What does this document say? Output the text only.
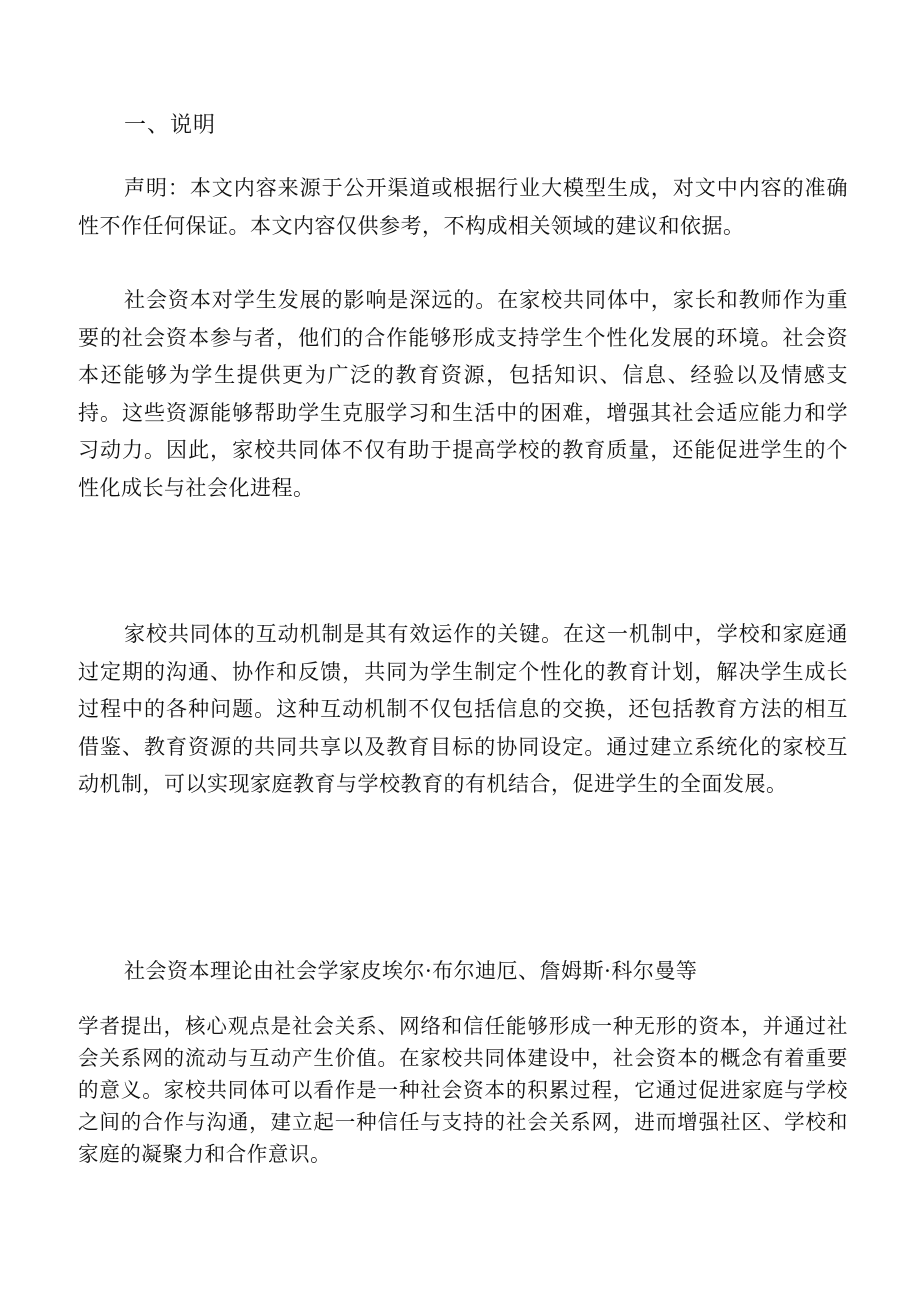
一、说明

声明：本文内容来源于公开渠道或根据行业大模型生成，对文中内容的准确性不作任何保证。本文内容仅供参考，不构成相关领域的建议和依据。

社会资本对学生发展的影响是深远的。在家校共同体中，家长和教师作为重要的社会资本参与者，他们的合作能够形成支持学生个性化发展的环境。社会资本还能够为学生提供更为广泛的教育资源，包括知识、信息、经验以及情感支持。这些资源能够帮助学生克服学习和生活中的困难，增强其社会适应能力和学习动力。因此，家校共同体不仅有助于提高学校的教育质量，还能促进学生的个性化成长与社会化进程。

家校共同体的互动机制是其有效运作的关键。在这一机制中，学校和家庭通过定期的沟通、协作和反馈，共同为学生制定个性化的教育计划，解决学生成长过程中的各种问题。这种互动机制不仅包括信息的交换，还包括教育方法的相互借鉴、教育资源的共同共享以及教育目标的协同设定。通过建立系统化的家校互动机制，可以实现家庭教育与学校教育的有机结合，促进学生的全面发展。

社会资本理论由社会学家皮埃尔·布尔迪厄、詹姆斯·科尔曼等

学者提出，核心观点是社会关系、网络和信任能够形成一种无形的资本，并通过社会关系网的流动与互动产生价值。在家校共同体建设中，社会资本的概念有着重要的意义。家校共同体可以看作是一种社会资本的积累过程，它通过促进家庭与学校之间的合作与沟通，建立起一种信任与支持的社会关系网，进而增强社区、学校和家庭的凝聚力和合作意识。
